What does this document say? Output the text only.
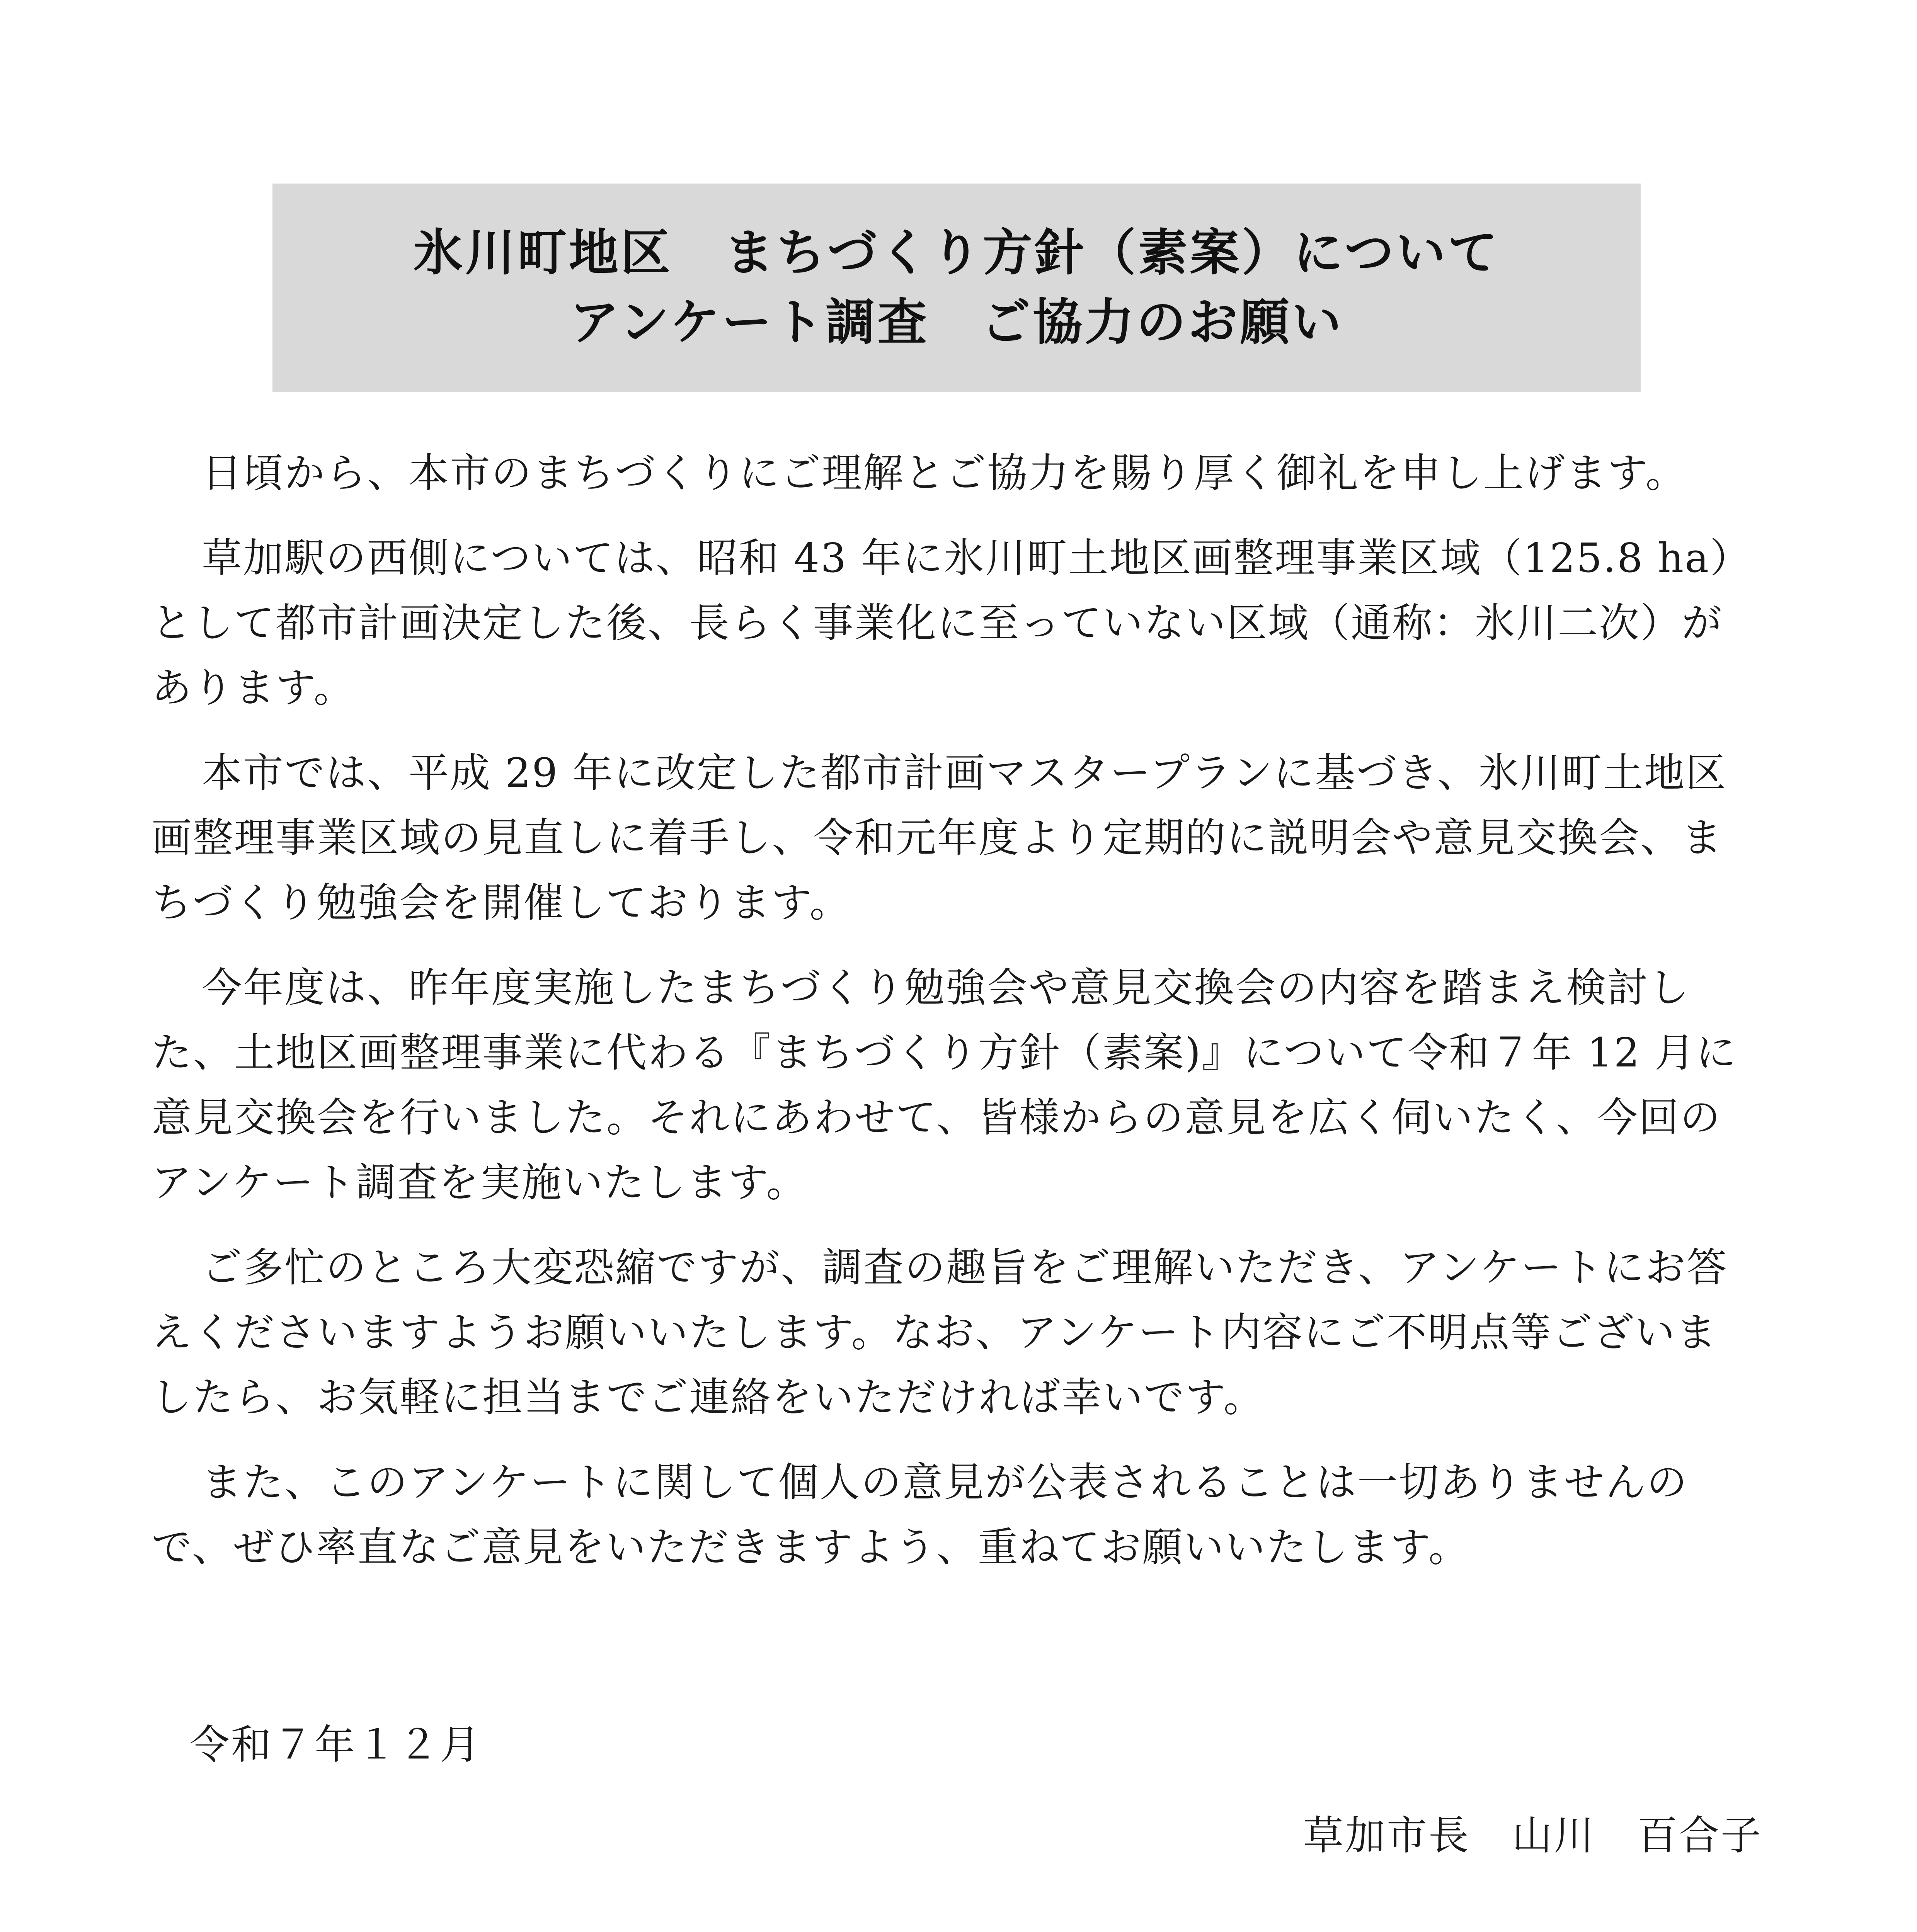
氷川町地区　まちづくり方針（素案）について
アンケート調査　ご協力のお願い

日頃から、本市のまちづくりにご理解とご協力を賜り厚く御礼を申し上げます。

草加駅の西側については、昭和 43 年に氷川町土地区画整理事業区域（125.8 ha）として都市計画決定した後、長らく事業化に至っていない区域（通称：氷川二次）があります。

本市では、平成 29 年に改定した都市計画マスタープランに基づき、氷川町土地区画整理事業区域の見直しに着手し、令和元年度より定期的に説明会や意見交換会、まちづくり勉強会を開催しております。

今年度は、昨年度実施したまちづくり勉強会や意見交換会の内容を踏まえ検討した、土地区画整理事業に代わる『まちづくり方針（素案)』について令和７年 12 月に意見交換会を行いました。それにあわせて、皆様からの意見を広く伺いたく、今回のアンケート調査を実施いたします。

ご多忙のところ大変恐縮ですが、調査の趣旨をご理解いただき、アンケートにお答えくださいますようお願いいたします。なお、アンケート内容にご不明点等ございましたら、お気軽に担当までご連絡をいただければ幸いです。

また、このアンケートに関して個人の意見が公表されることは一切ありませんので、ぜひ率直なご意見をいただきますよう、重ねてお願いいたします。

令和７年１２月
草加市長　山川　百合子
